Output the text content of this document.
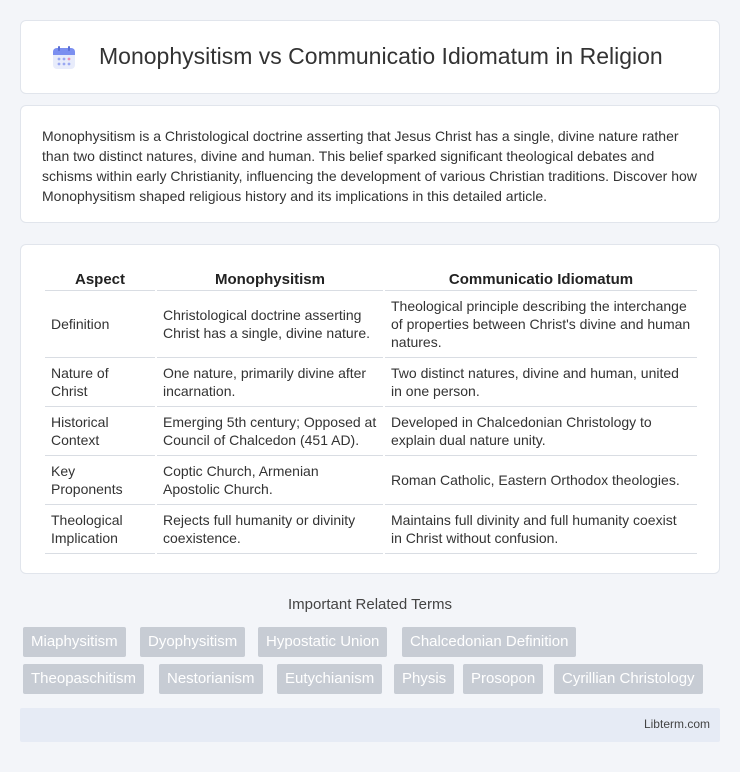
Monophysitism vs Communicatio Idiomatum in Religion

Monophysitism is a Christological doctrine asserting that Jesus Christ has a single, divine nature rather than two distinct natures, divine and human. This belief sparked significant theological debates and schisms within early Christianity, influencing the development of various Christian traditions. Discover how Monophysitism shaped religious history and its implications in this detailed article.

Aspect	Monophysitism	Communicatio Idiomatum
Definition	Christological doctrine asserting Christ has a single, divine nature.	Theological principle describing the interchange of properties between Christ's divine and human natures.
Nature of Christ	One nature, primarily divine after incarnation.	Two distinct natures, divine and human, united in one person.
Historical Context	Emerging 5th century; Opposed at Council of Chalcedon (451 AD).	Developed in Chalcedonian Christology to explain dual nature unity.
Key Proponents	Coptic Church, Armenian Apostolic Church.	Roman Catholic, Eastern Orthodox theologies.
Theological Implication	Rejects full humanity or divinity coexistence.	Maintains full divinity and full humanity coexist in Christ without confusion.
Important Related Terms
Miaphysitism	Dyophysitism	Hypostatic Union	Chalcedonian Definition
Theopaschitism	Nestorianism	Eutychianism	Physis	Prosopon	Cyrillian Christology
Libterm.com
